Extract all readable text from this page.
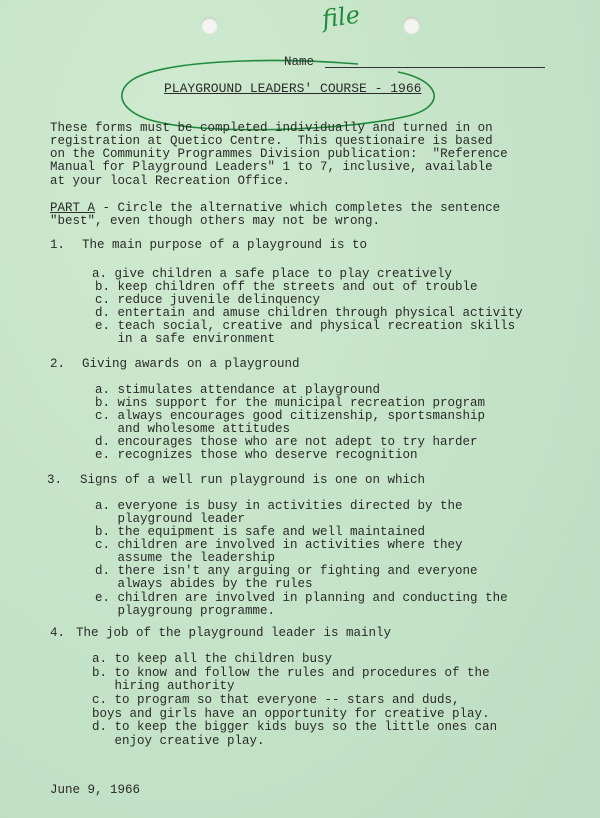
file
Name
PLAYGROUND LEADERS' COURSE - 1966
These forms must be completed individually and turned in on
registration at Quetico Centre.  This questionaire is based
on the Community Programmes Division publication:  "Reference
Manual for Playground Leaders" 1 to 7, inclusive, available
at your local Recreation Office.
PART A - Circle the alternative which completes the sentence
"best", even though others may not be wrong.
1. The main purpose of a playground is to
a. give children a safe place to play creatively
b. keep children off the streets and out of trouble
c. reduce juvenile delinquency
d. entertain and amuse children through physical activity
e. teach social, creative and physical recreation skills
in a safe environment
2. Giving awards on a playground
a. stimulates attendance at playground
b. wins support for the municipal recreation program
c. always encourages good citizenship, sportsmanship
and wholesome attitudes
d. encourages those who are not adept to try harder
e. recognizes those who deserve recognition
3. Signs of a well run playground is one on which
a. everyone is busy in activities directed by the
playground leader
b. the equipment is safe and well maintained
c. children are involved in activities where they
assume the leadership
d. there isn't any arguing or fighting and everyone
always abides by the rules
e. children are involved in planning and conducting the
playgroung programme.
4. The job of the playground leader is mainly
a. to keep all the children busy
b. to know and follow the rules and procedures of the
hiring authority
c. to program so that everyone -- stars and duds,
boys and girls have an opportunity for creative play.
d. to keep the bigger kids buys so the little ones can
enjoy creative play.
June 9, 1966
